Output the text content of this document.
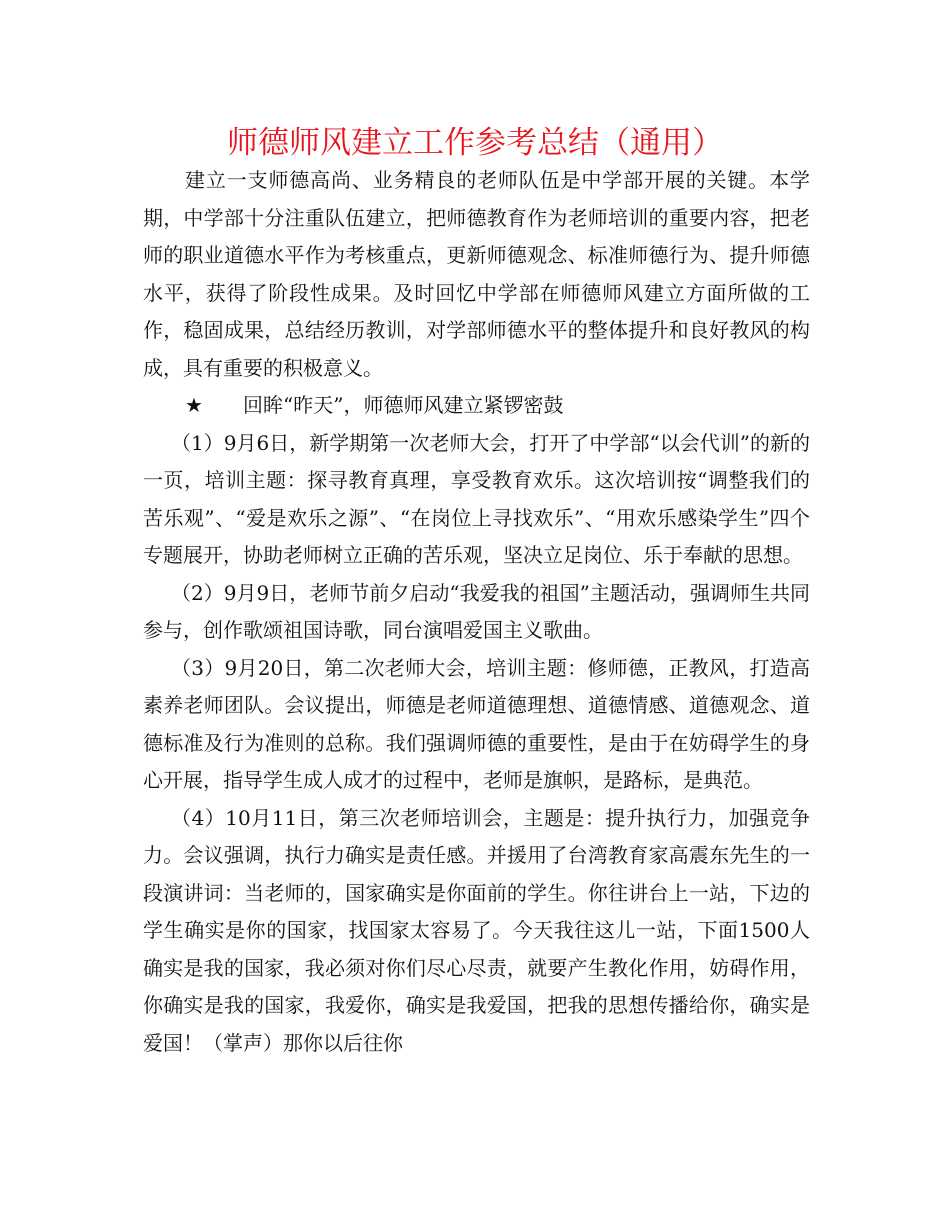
师德师风建立工作参考总结（通用）

建立一支师德高尚、业务精良的老师队伍是中学部开展的关键。本学期，中学部十分注重队伍建立，把师德教育作为老师培训的重要内容，把老师的职业道德水平作为考核重点，更新师德观念、标准师德行为、提升师德水平，获得了阶段性成果。及时回忆中学部在师德师风建立方面所做的工作，稳固成果，总结经历教训，对学部师德水平的整体提升和良好教风的构成，具有重要的积极意义。

★ 回眸“昨天”，师德师风建立紧锣密鼓

（1）9月6日，新学期第一次老师大会，打开了中学部“以会代训”的新的一页，培训主题：探寻教育真理，享受教育欢乐。这次培训按“调整我们的苦乐观”、“爱是欢乐之源”、“在岗位上寻找欢乐”、“用欢乐感染学生”四个专题展开，协助老师树立正确的苦乐观，坚决立足岗位、乐于奉献的思想。

（2）9月9日，老师节前夕启动“我爱我的祖国”主题活动，强调师生共同参与，创作歌颂祖国诗歌，同台演唱爱国主义歌曲。

（3）9月20日，第二次老师大会，培训主题：修师德，正教风，打造高素养老师团队。会议提出，师德是老师道德理想、道德情感、道德观念、道德标准及行为准则的总称。我们强调师德的重要性，是由于在妨碍学生的身心开展，指导学生成人成才的过程中，老师是旗帜，是路标，是典范。

（4）10月11日，第三次老师培训会，主题是：提升执行力，加强竞争力。会议强调，执行力确实是责任感。并援用了台湾教育家高震东先生的一段演讲词：当老师的，国家确实是你面前的学生。你往讲台上一站，下边的学生确实是你的国家，找国家太容易了。今天我往这儿一站，下面1500人确实是我的国家，我必须对你们尽心尽责，就要产生教化作用，妨碍作用，你确实是我的国家，我爱你，确实是我爱国，把我的思想传播给你，确实是爱国！（掌声）那你以后往你
